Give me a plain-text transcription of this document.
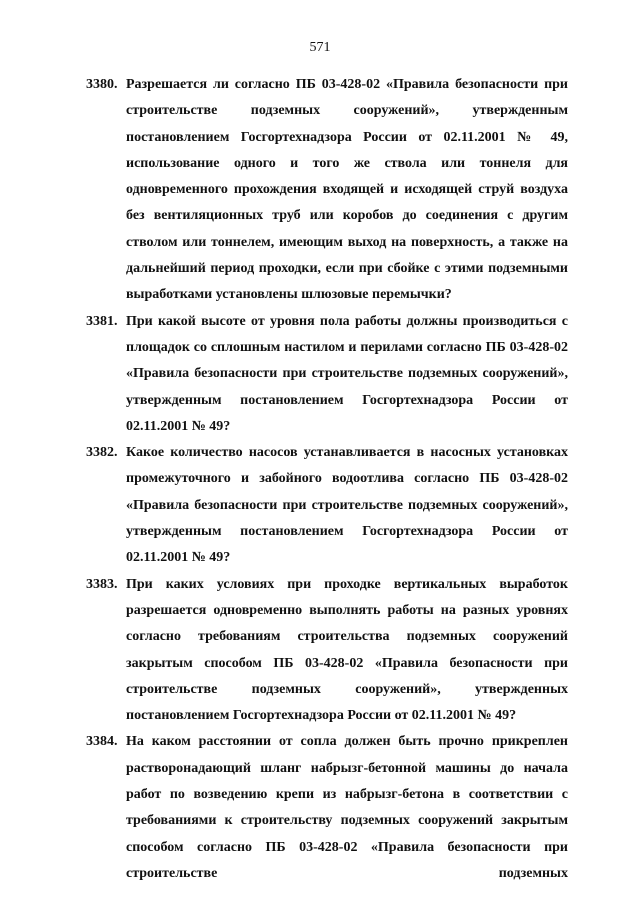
571
3380. Разрешается ли согласно ПБ 03-428-02 «Правила безопасности при строительстве подземных сооружений», утвержденным постановлением Госгортехнадзора России от 02.11.2001 № 49, использование одного и того же ствола или тоннеля для одновременного прохождения входящей и исходящей струй воздуха без вентиляционных труб или коробов до соединения с другим стволом или тоннелем, имеющим выход на поверхность, а также на дальнейший период проходки, если при сбойке с этими подземными выработками установлены шлюзовые перемычки?
3381. При какой высоте от уровня пола работы должны производиться с площадок со сплошным настилом и перилами согласно ПБ 03-428-02 «Правила безопасности при строительстве подземных сооружений», утвержденным постановлением Госгортехнадзора России от 02.11.2001 № 49?
3382. Какое количество насосов устанавливается в насосных установках промежуточного и забойного водоотлива согласно ПБ 03-428-02 «Правила безопасности при строительстве подземных сооружений», утвержденным постановлением Госгортехнадзора России от 02.11.2001 № 49?
3383. При каких условиях при проходке вертикальных выработок разрешается одновременно выполнять работы на разных уровнях согласно требованиям строительства подземных сооружений закрытым способом ПБ 03-428-02 «Правила безопасности при строительстве подземных сооружений», утвержденных постановлением Госгортехнадзора России от 02.11.2001 № 49?
3384. На каком расстоянии от сопла должен быть прочно прикреплен растворонадающий шланг набрызг-бетонной машины до начала работ по возведению крепи из набрызг-бетона в соответствии с требованиями к строительству подземных сооружений закрытым способом согласно ПБ 03-428-02 «Правила безопасности при строительстве подземных
